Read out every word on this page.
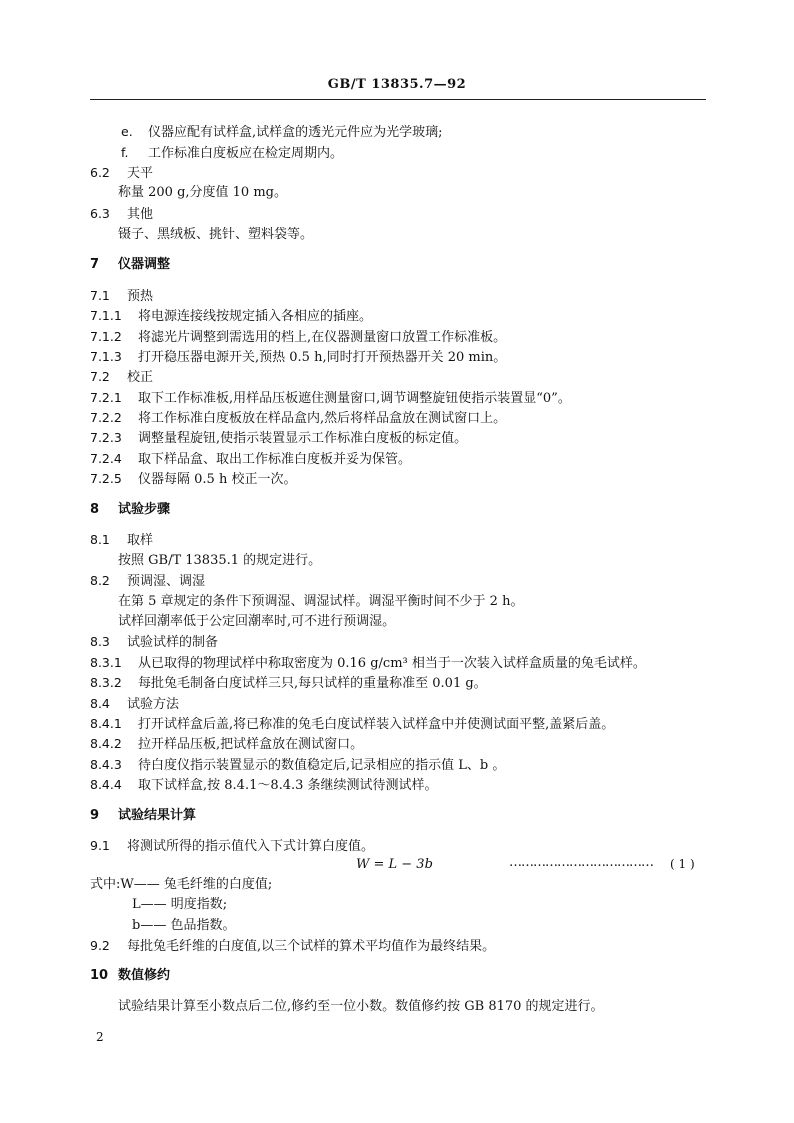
GB/T 13835.7—92
e. 仪器应配有试样盒,试样盒的透光元件应为光学玻璃;
f. 工作标准白度板应在检定周期内。
6.2 天平
称量 200 g,分度值 10 mg。
6.3 其他
镊子、黑绒板、挑针、塑料袋等。
7 仪器调整
7.1 预热
7.1.1 将电源连接线按规定插入各相应的插座。
7.1.2 将滤光片调整到需选用的档上,在仪器测量窗口放置工作标准板。
7.1.3 打开稳压器电源开关,预热 0.5 h,同时打开预热器开关 20 min。
7.2 校正
7.2.1 取下工作标准板,用样品压板遮住测量窗口,调节调整旋钮使指示装置显“0”。
7.2.2 将工作标准白度板放在样品盒内,然后将样品盒放在测试窗口上。
7.2.3 调整量程旋钮,使指示装置显示工作标准白度板的标定值。
7.2.4 取下样品盒、取出工作标准白度板并妥为保管。
7.2.5 仪器每隔 0.5 h 校正一次。
8 试验步骤
8.1 取样
按照 GB/T 13835.1 的规定进行。
8.2 预调湿、调湿
在第 5 章规定的条件下预调湿、调湿试样。调湿平衡时间不少于 2 h。
试样回潮率低于公定回潮率时,可不进行预调湿。
8.3 试验试样的制备
8.3.1 从已取得的物理试样中称取密度为 0.16 g/cm³ 相当于一次装入试样盒质量的兔毛试样。
8.3.2 每批兔毛制备白度试样三只,每只试样的重量称准至 0.01 g。
8.4 试验方法
8.4.1 打开试样盒后盖,将已称准的兔毛白度试样装入试样盒中并使测试面平整,盖紧后盖。
8.4.2 拉开样品压板,把试样盒放在测试窗口。
8.4.3 待白度仪指示装置显示的数值稳定后,记录相应的指示值 L、b 。
8.4.4 取下试样盒,按 8.4.1～8.4.3 条继续测试待测试样。
9 试验结果计算
9.1 将测试所得的指示值代入下式计算白度值。
W = L − 3b	……………………………… ( 1 )
式中:W—— 兔毛纤维的白度值;
L—— 明度指数;
b—— 色品指数。
9.2 每批兔毛纤维的白度值,以三个试样的算术平均值作为最终结果。
10 数值修约
试验结果计算至小数点后二位,修约至一位小数。数值修约按 GB 8170 的规定进行。
2
